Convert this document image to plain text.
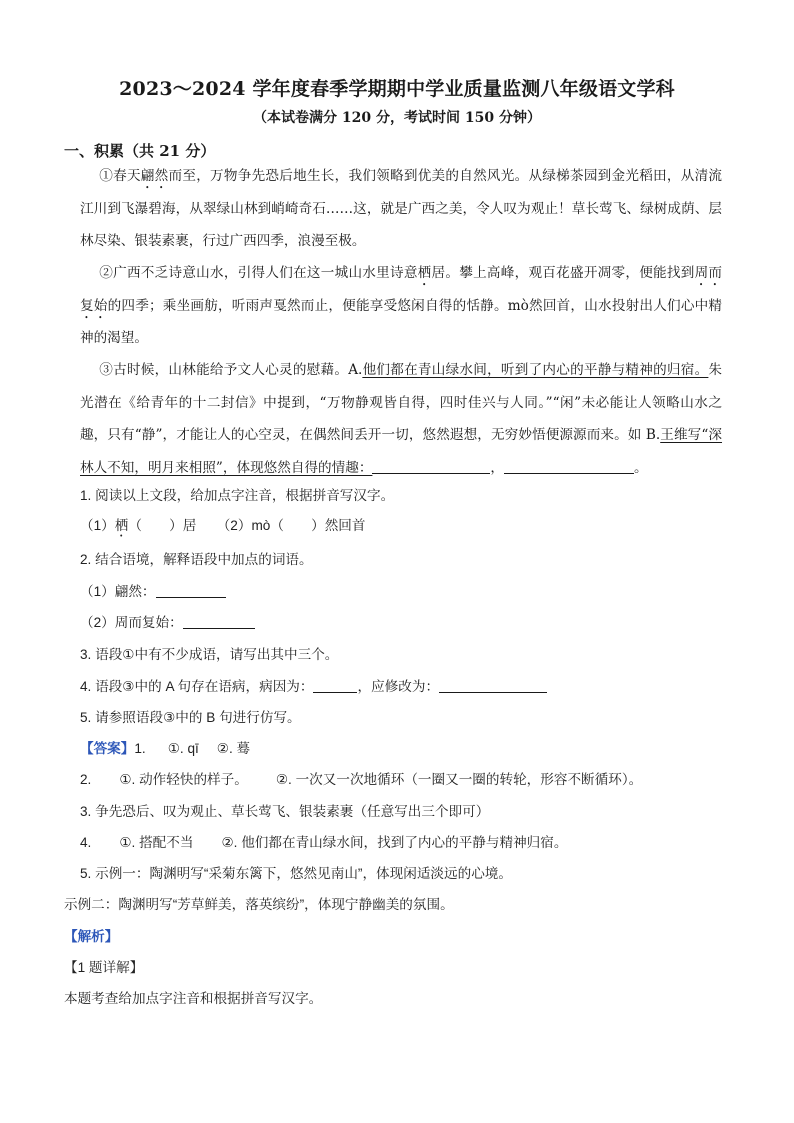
2023～2024 学年度春季学期期中学业质量监测八年级语文学科
（本试卷满分 120 分，考试时间 150 分钟）
一、积累（共 21 分）
①春天翩然而至，万物争先恐后地生长，我们领略到优美的自然风光。从绿梯茶园到金光稻田，从清流江川到飞瀑碧海，从翠绿山林到峭崎奇石……这，就是广西之美，令人叹为观止！草长莺飞、绿树成荫、层林尽染、银装素裹，行过广西四季，浪漫至极。
②广西不乏诗意山水，引得人们在这一城山水里诗意栖居。攀上高峰，观百花盛开凋零，便能找到周而复始的四季；乘坐画舫，听雨声戛然而止，便能享受悠闲自得的恬静。mò然回首，山水投射出人们心中精神的渴望。
③古时候，山林能给予文人心灵的慰藉。A.他们都在青山绿水间，听到了内心的平静与精神的归宿。朱光潜在《给青年的十二封信》中提到，“万物静观皆自得，四时佳兴与人同。”“闲”未必能让人领略山水之趣，只有“静”，才能让人的心空灵，在偶然间丢开一切，悠然遐想，无穷妙悟便源源而来。如 B.王维写“深林人不知，明月来相照”，体现悠然自得的情趣：	，	。
1. 阅读以上文段，给加点字注音，根据拼音写汉字。
（1）栖（　　）居　　（2）mò（　　）然回首
2. 结合语境，解释语段中加点的词语。
（1）翩然：
（2）周而复始：
3. 语段①中有不少成语，请写出其中三个。
4. 语段③中的 A 句存在语病，病因为：	，应修改为：
5. 请参照语段③中的 B 句进行仿写。
【答案】1. ①. qī ②. 蓦
2. ①. 动作轻快的样子。 ②. 一次又一次地循环（一圈又一圈的转轮，形容不断循环）。
3. 争先恐后、叹为观止、草长莺飞、银装素裹（任意写出三个即可）
4. ①. 搭配不当 ②. 他们都在青山绿水间，找到了内心的平静与精神归宿。
5. 示例一：陶渊明写“采菊东篱下，悠然见南山”，体现闲适淡远的心境。
示例二：陶渊明写“芳草鲜美，落英缤纷”，体现宁静幽美的氛围。
【解析】
【1 题详解】
本题考查给加点字注音和根据拼音写汉字。
